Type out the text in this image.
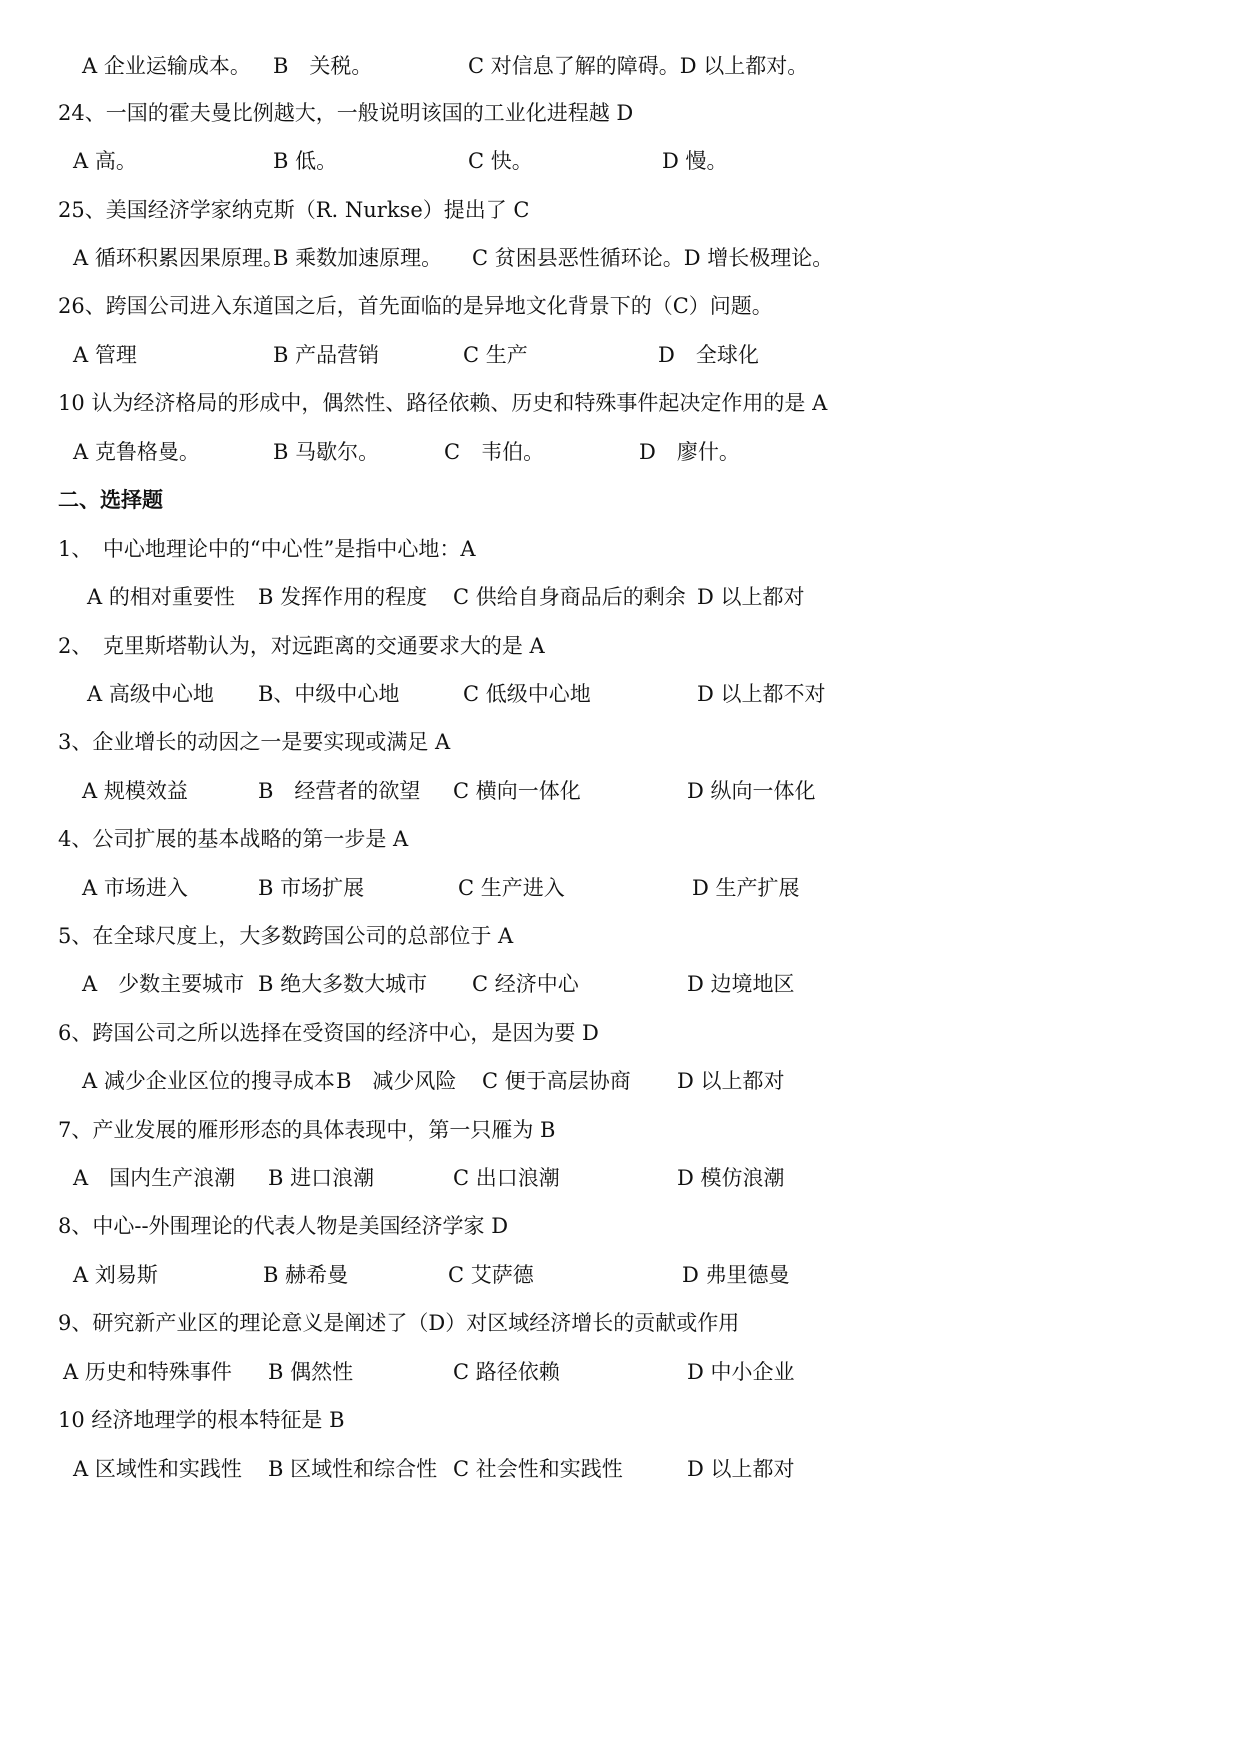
A 企业运输成本。 B　关税。	C 对信息了解的障碍。D 以上都对。
24、一国的霍夫曼比例越大，一般说明该国的工业化进程越 D
A 高。	B 低。	C 快。	D 慢。
25、美国经济学家纳克斯（R. Nurkse）提出了 C
A 循环积累因果原理。
B 乘数加速原理。 C 贫困县恶性循环论。D 增长极理论。
26、跨国公司进入东道国之后，首先面临的是异地文化背景下的（C）问题。
A 管理	B 产品营销	C 生产	D　全球化
10 认为经济格局的形成中，偶然性、路径依赖、历史和特殊事件起决定作用的是 A
A 克鲁格曼。	B 马歇尔。	C　韦伯。	D　廖什。
二、选择题
1、　中心地理论中的“中心性”是指中心地：A
A 的相对重要性 B 发挥作用的程度 C 供给自身商品后的剩余 D 以上都对
2、　克里斯塔勒认为，对远距离的交通要求大的是 A
A 高级中心地 B、中级中心地	C 低级中心地	D 以上都不对
3、企业增长的动因之一是要实现或满足 A
A 规模效益	B　经营者的欲望 C 横向一体化	D 纵向一体化
4、公司扩展的基本战略的第一步是 A
A 市场进入	B 市场扩展	C 生产进入	D 生产扩展
5、在全球尺度上，大多数跨国公司的总部位于 A
A　少数主要城市 B 绝大多数大城市 C 经济中心	D 边境地区
6、跨国公司之所以选择在受资国的经济中心，是因为要 D
A 减少企业区位的搜寻成本 B　减少风险 C 便于高层协商 D 以上都对
7、产业发展的雁形形态的具体表现中，第一只雁为 B
A　国内生产浪潮 B 进口浪潮	C 出口浪潮	D 模仿浪潮
8、中心--外围理论的代表人物是美国经济学家 D
A 刘易斯	B 赫希曼	C 艾萨德	D 弗里德曼
9、研究新产业区的理论意义是阐述了（D）对区域经济增长的贡献或作用
A 历史和特殊事件 B 偶然性	C 路径依赖	D 中小企业
10 经济地理学的根本特征是 B
A 区域性和实践性 B 区域性和综合性 C 社会性和实践性	D 以上都对
